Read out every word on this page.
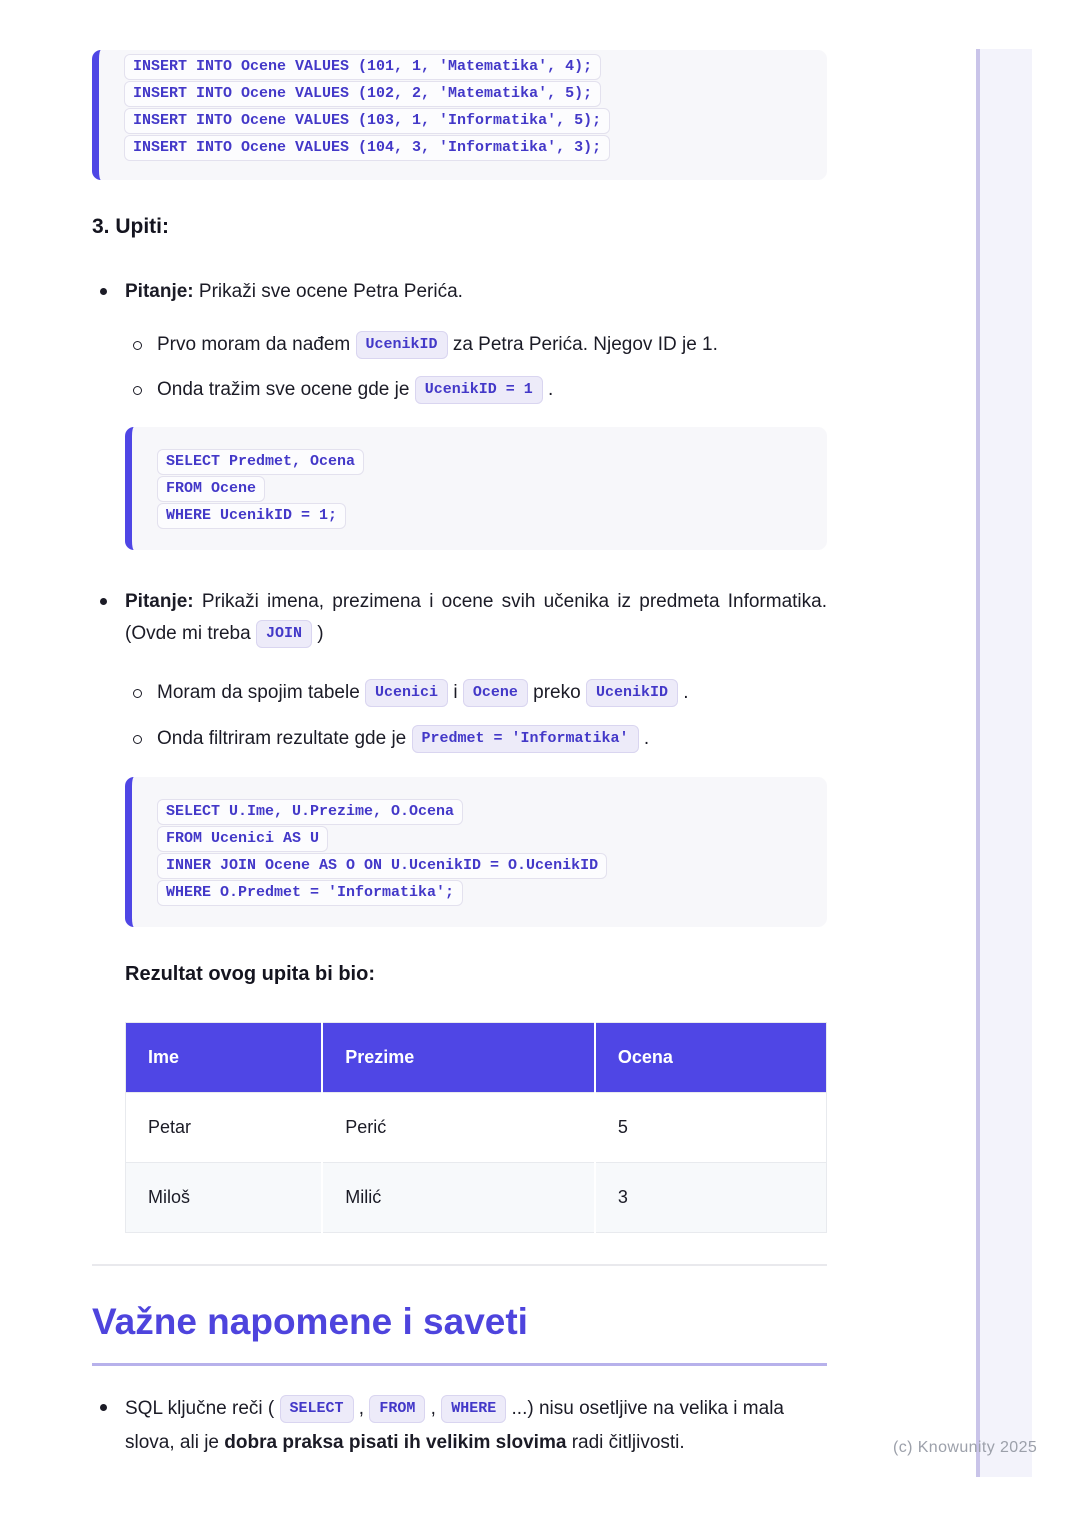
(c) Knowunity 2025
INSERT INTO Ocene VALUES (101, 1, 'Matematika', 4);
INSERT INTO Ocene VALUES (102, 2, 'Matematika', 5);
INSERT INTO Ocene VALUES (103, 1, 'Informatika', 5);
INSERT INTO Ocene VALUES (104, 3, 'Informatika', 3);
3. Upiti:
Pitanje: Prikaži sve ocene Petra Perića.
Prvo moram da nađem UcenikID za Petra Perića. Njegov ID je 1.
Onda tražim sve ocene gde je UcenikID = 1 .
SELECT Predmet, Ocena
FROM Ocene
WHERE UcenikID = 1;
Pitanje: Prikaži imena, prezimena i ocene svih učenika iz predmeta Informatika. (Ovde mi treba JOIN )
Moram da spojim tabele Ucenici i Ocene preko UcenikID .
Onda filtriram rezultate gde je Predmet = 'Informatika' .
SELECT U.Ime, U.Prezime, O.Ocena
FROM Ucenici AS U
INNER JOIN Ocene AS O ON U.UcenikID = O.UcenikID
WHERE O.Predmet = 'Informatika';
Rezultat ovog upita bi bio:
Ime	Prezime	Ocena
Petar	Perić	5
Miloš	Milić	3
Važne napomene i saveti
SQL ključne reči ( SELECT , FROM , WHERE ...) nisu osetljive na velika i mala slova, ali je dobra praksa pisati ih velikim slovima radi čitljivosti.
